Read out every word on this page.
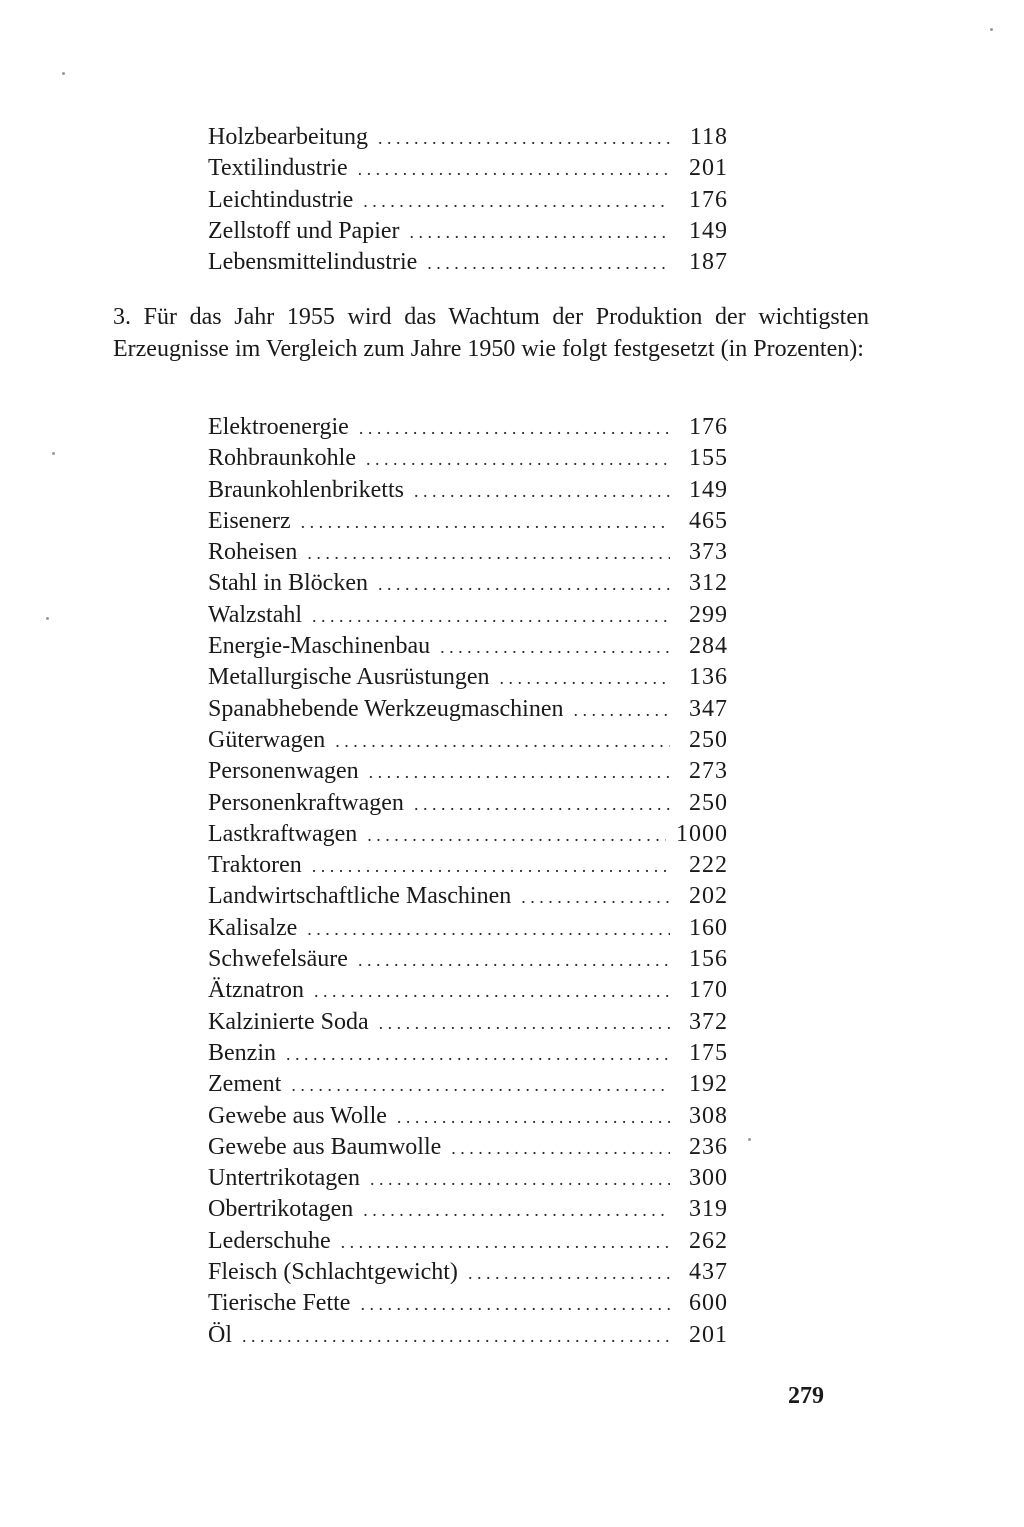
Holzbearbeitung . . .	118
Textilindustrie . . .	201
Leichtindustrie . . .	176
Zellstoff und Papier . . .	149
Lebensmittelindustrie . . .	187

3. Für das Jahr 1955 wird das Wachtum der Produktion der wichtigsten Erzeugnisse im Vergleich zum Jahre 1950 wie folgt festgesetzt (in Prozenten):

Elektroenergie . . .	176
Rohbraunkohle . . .	155
Braunkohlenbriketts . . .	149
Eisenerz . . .	465
Roheisen . . .	373
Stahl in Blöcken . . .	312
Walzstahl . . .	299
Energie-Maschinenbau . . .	284
Metallurgische Ausrüstungen . . .	136
Spanabhebende Werkzeugmaschinen . . .	347
Güterwagen . . .	250
Personenwagen . . .	273
Personenkraftwagen . . .	250
Lastkraftwagen . . .	1000
Traktoren . . .	222
Landwirtschaftliche Maschinen . . .	202
Kalisalze . . .	160
Schwefelsäure . . .	156
Ätznatron . . .	170
Kalzinierte Soda . . .	372
Benzin . . .	175
Zement . . .	192
Gewebe aus Wolle . . .	308
Gewebe aus Baumwolle . . .	236
Untertrikotagen . . .	300
Obertrikotagen . . .	319
Lederschuhe . . .	262
Fleisch (Schlachtgewicht) . . .	437
Tierische Fette . . .	600
Öl . . .	201
279
